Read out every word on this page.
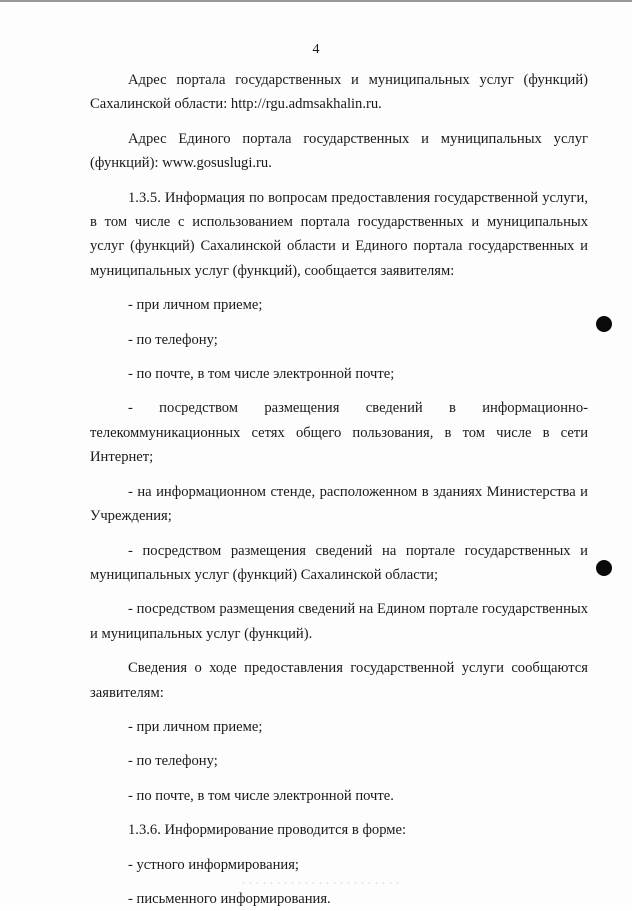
4

Адрес портала государственных и муниципальных услуг (функций) Сахалинской области: http://rgu.admsakhalin.ru.

Адрес Единого портала государственных и муниципальных услуг (функций): www.gosuslugi.ru.

1.3.5. Информация по вопросам предоставления государственной услуги, в том числе с использованием портала государственных и муниципальных услуг (функций) Сахалинской области и Единого портала государственных и муниципальных услуг (функций), сообщается заявителям:

- при личном приеме;

- по телефону;

- по почте, в том числе электронной почте;

- посредством размещения сведений в информационно-телекоммуникационных сетях общего пользования, в том числе в сети Интернет;

- на информационном стенде, расположенном в зданиях Министерства и Учреждения;

- посредством размещения сведений на портале государственных и муниципальных услуг (функций) Сахалинской области;

- посредством размещения сведений на Едином портале государственных и муниципальных услуг (функций).

Сведения о ходе предоставления государственной услуги сообщаются заявителям:

- при личном приеме;

- по телефону;

- по почте, в том числе электронной почте.

1.3.6. Информирование проводится в форме:

- устного информирования;

- письменного информирования.
